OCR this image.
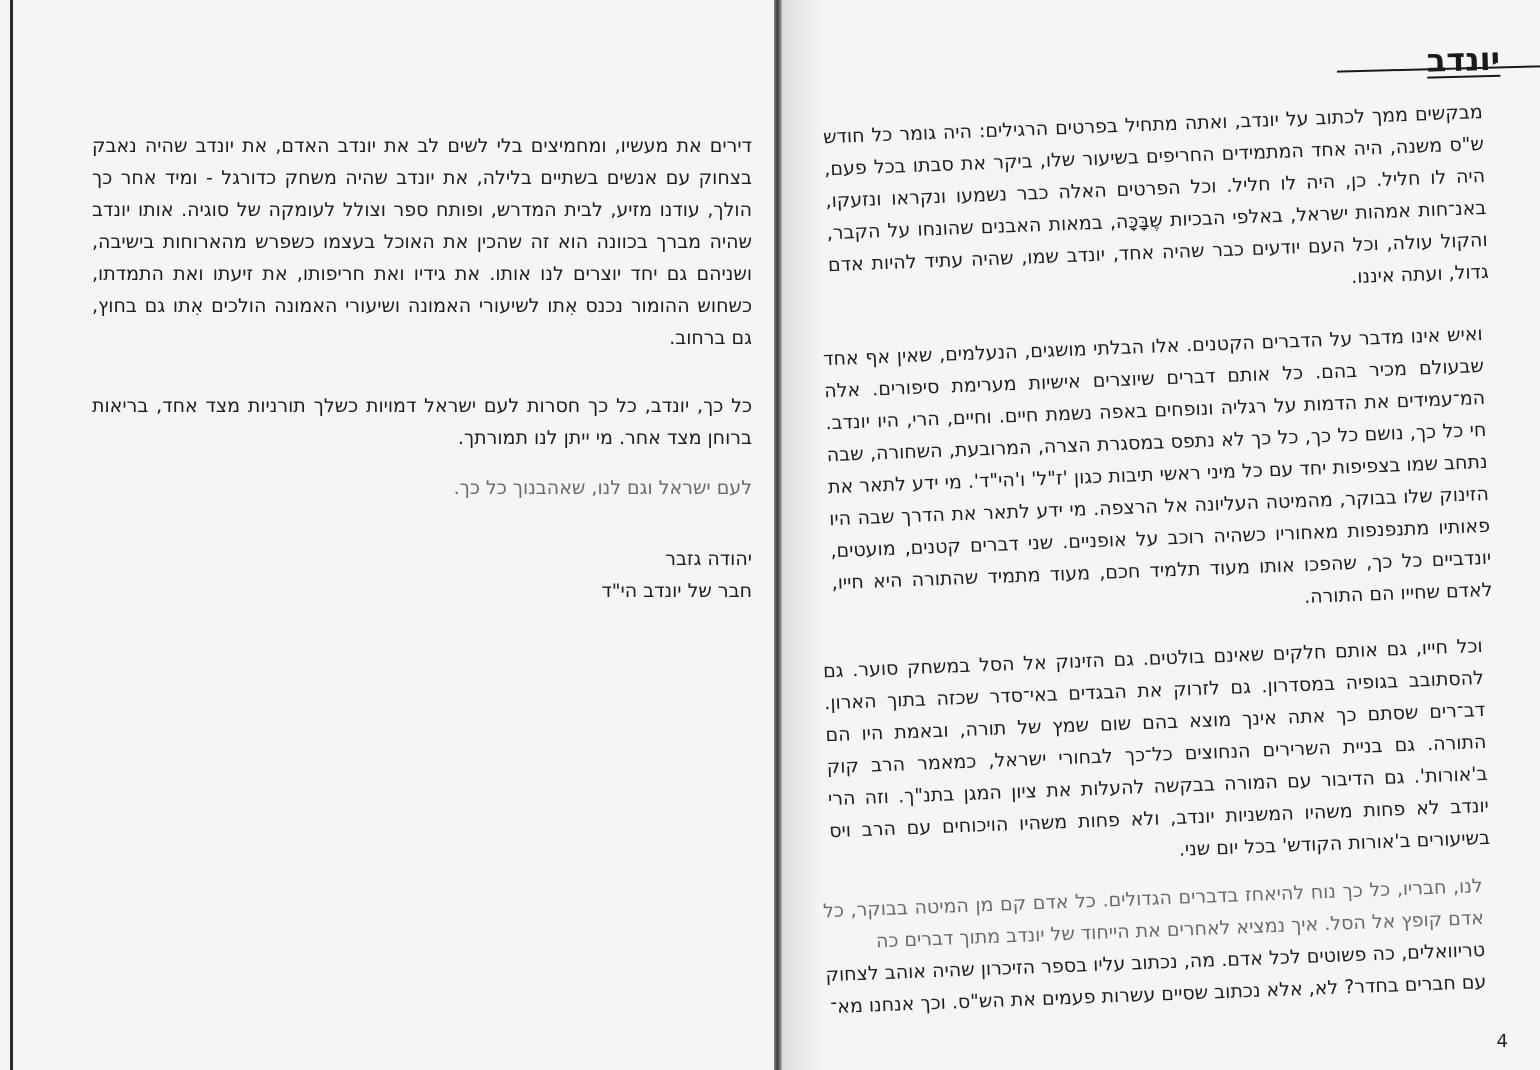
דירים את מעשיו, ומחמיצים בלי לשים לב את יונדב האדם, את יונדב שהיה נאבק בצחוק עם אנשים בשתיים בלילה, את יונדב שהיה משחק כדורגל - ומיד אחר כך הולך, עודנו מזיע, לבית המדרש, ופותח ספר וצולל לעומקה של סוגיה. אותו יונדב שהיה מברך בכוונה הוא זה שהכין את האוכל בעצמו כשפרש מהארוחות בישיבה, ושניהם גם יחד יוצרים לנו אותו. את גידיו ואת חריפותו, את זיעתו ואת התמדתו, כשחוש ההומור נכנס אִתו לשיעורי האמונה ושיעורי האמונה הולכים אִתו גם בחוץ, גם ברחוב.

כל כך, יונדב, כל כך חסרות לעם ישראל דמויות כשלך תורניות מצד אחד, בריאות ברוחן מצד אחר. מי ייתן לנו תמורתך.

לעם ישראל וגם לנו, שאהבנוך כל כך.

יהודה גזבר

חבר של יונדב הי"ד

יונדב

מבקשים ממך לכתוב על יונדב, ואתה מתחיל בפרטים הרגילים: היה גומר כל חודש ש"ס משנה, היה אחד המתמידים החריפים בשיעור שלו, ביקר את סבתו בכל פעם, היה לו חליל. כן, היה לו חליל. וכל הפרטים האלה כבר נשמעו ונקראו ונזעקו, באנ־חות אמהות ישראל, באלפי הבכיות שֶבָּכָּה, במאות האבנים שהונחו על הקבר, והקול עולה, וכל העם יודעים כבר שהיה אחד, יונדב שמו, שהיה עתיד להיות אדם גדול, ועתה איננו.

ואיש אינו מדבר על הדברים הקטנים. אלו הבלתי מושגים, הנעלמים, שאין אף אחד שבעולם מכיר בהם. כל אותם דברים שיוצרים אישיות מערימת סיפורים. אלה המ־עמידים את הדמות על רגליה ונופחים באפה נשמת חיים. וחיים, הרי, היו יונדב. חי כל כך, נושם כל כך, כל כך לא נתפס במסגרת הצרה, המרובעת, השחורה, שבה נתחב שמו בצפיפות יחד עם כל מיני ראשי תיבות כגון 'ז"ל' ו'הי"ד'. מי ידע לתאר את הזינוק שלו בבוקר, מהמיטה העליונה אל הרצפה. מי ידע לתאר את הדרך שבה היו פאותיו מתנפנפות מאחוריו כשהיה רוכב על אופניים. שני דברים קטנים, מועטים, יונדביים כל כך, שהפכו אותו מעוד תלמיד חכם, מעוד מתמיד שהתורה היא חייו, לאדם שחייו הם התורה.

וכל חייו, גם אותם חלקים שאינם בולטים. גם הזינוק אל הסל במשחק סוער. גם להסתובב בגופיה במסדרון. גם לזרוק את הבגדים באי־סדר שכזה בתוך הארון. דב־רים שסתם כך אתה אינך מוצא בהם שום שמץ של תורה, ובאמת היו הם התורה. גם בניית השרירים הנחוצים כל־כך לבחורי ישראל, כמאמר הרב קוק ב'אורות'. גם הדיבור עם המורה בבקשה להעלות את ציון המגן בתנ"ך. וזה הרי יונדב לא פחות משהיו המשניות יונדב, ולא פחות משהיו הויכוחים עם הרב ויס בשיעורים ב'אורות הקודש' בכל יום שני.

לנו, חבריו, כל כך נוח להיאחז בדברים הגדולים. כל אדם קם מן המיטה בבוקר, כל אדם קופץ אל הסל. איך נמציא לאחרים את הייחוד של יונדב מתוך דברים כה

טריוואלים, כה פשוטים לכל אדם. מה, נכתוב עליו בספר הזיכרון שהיה אוהב לצחוק עם חברים בחדר? לא, אלא נכתוב שסיים עשרות פעמים את הש"ס. וכך אנחנו מא־

4
